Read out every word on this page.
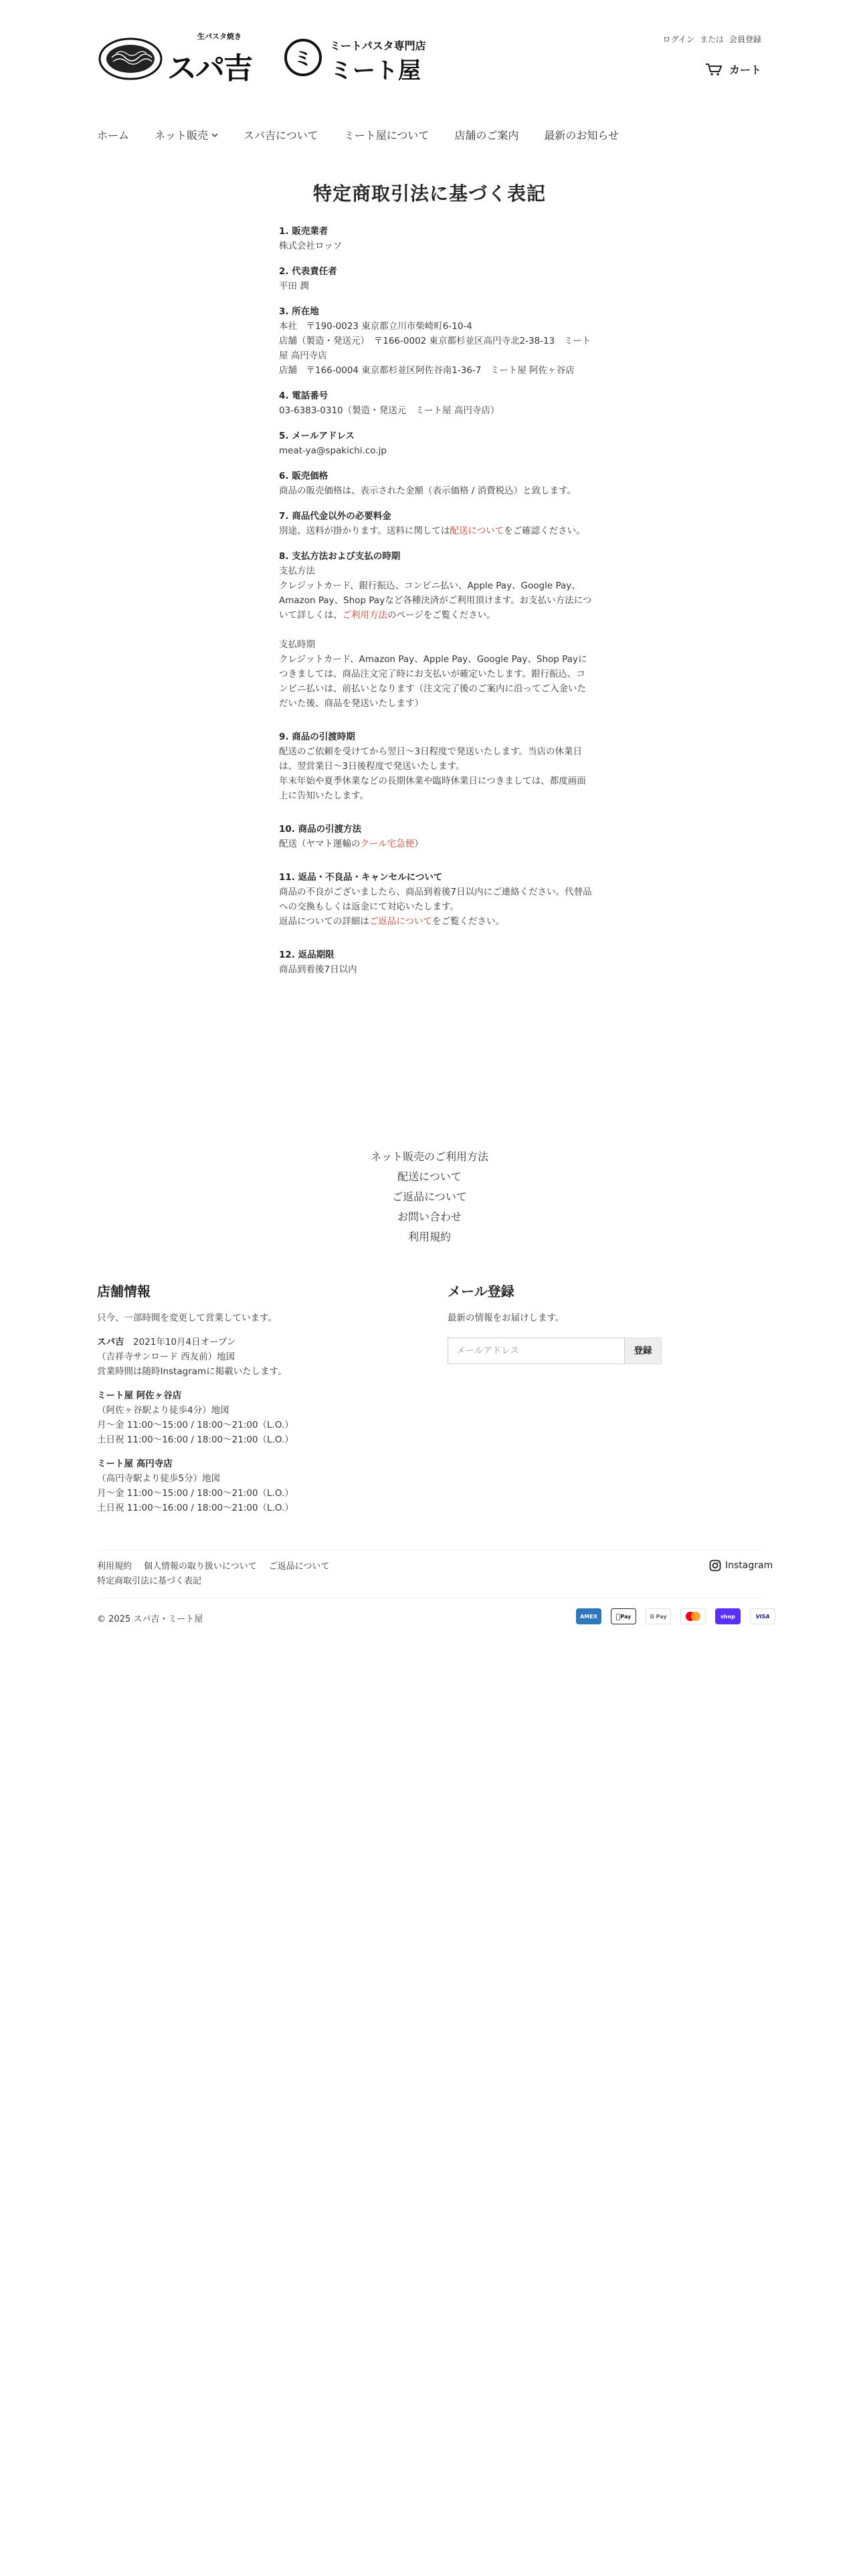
生パスタ焼き
スパ吉 ミ
ミートパスタ専門店
ミート屋
ログイン または 会員登録
カート
ホーム ネット販売	スパ吉について ミート屋について 店舗のご案内 最新のお知らせ
特定商取引法に基づく表記
1. 販売業者

株式会社ロッソ

2. 代表責任者

平田 潤

3. 所在地

本社　〒190-0023 東京都立川市柴崎町6-10-4

店舗（製造・発送元）　〒166-0002 東京都杉並区高円寺北2-38-13　ミート屋 高円寺店

店舗　〒166-0004 東京都杉並区阿佐谷南1-36-7　ミート屋 阿佐ヶ谷店

4. 電話番号

03-6383-0310（製造・発送元　ミート屋 高円寺店）

5. メールアドレス

meat-ya@spakichi.co.jp

6. 販売価格

商品の販売価格は、表示された金額（表示価格 / 消費税込）と致します。

7. 商品代金以外の必要料金

別途、送料が掛かります。送料に関しては配送についてをご確認ください。

8. 支払方法および支払の時期

支払方法

クレジットカード、銀行振込、コンビニ払い、Apple Pay、Google Pay、Amazon Pay、Shop Payなど各種決済がご利用頂けます。お支払い方法について詳しくは、ご利用方法のページをご覧ください。

支払時期

クレジットカード、Amazon Pay、Apple Pay、Google Pay、Shop Payにつきましては、商品注文完了時にお支払いが確定いたします。銀行振込、コンビニ払いは、前払いとなります（注文完了後のご案内に沿ってご入金いただいた後、商品を発送いたします）

9. 商品の引渡時期

配送のご依頼を受けてから翌日〜3日程度で発送いたします。当店の休業日は、翌営業日〜3日後程度で発送いたします。

年末年始や夏季休業などの長期休業や臨時休業日につきましては、都度画面上に告知いたします。

10. 商品の引渡方法

配送（ヤマト運輸のクール宅急便）

11. 返品・不良品・キャンセルについて

商品の不良がございましたら、商品到着後7日以内にご連絡ください。代替品への交換もしくは返金にて対応いたします。

返品についての詳細はご返品についてをご覧ください。

12. 返品期限

商品到着後7日以内

ネット販売のご利用方法
配送について
ご返品について
お問い合わせ
利用規約
店舗情報

只今、一部時間を変更して営業しています。

スパ吉　 2021年10月4日オープン

（吉祥寺サンロード 西友前）地図

営業時間は随時Instagramに掲載いたします。

ミート屋 阿佐ヶ谷店

（阿佐ヶ谷駅より徒歩4分）地図

月〜金 11:00〜15:00 / 18:00〜21:00（L.O.）

土日祝 11:00〜16:00 / 18:00〜21:00（L.O.）

ミート屋 高円寺店

（高円寺駅より徒歩5分）地図

月〜金 11:00〜15:00 / 18:00〜21:00（L.O.）

土日祝 11:00〜16:00 / 18:00〜21:00（L.O.）

メール登録

最新の情報をお届けします。

メールアドレス	登録
利用規約 個人情報の取り扱いについて ご返品について
特定商取引法に基づく表記
Instagram
© 2025 スパ吉・ミート屋	AMEX	Pay	G Pay	shop	VISA
